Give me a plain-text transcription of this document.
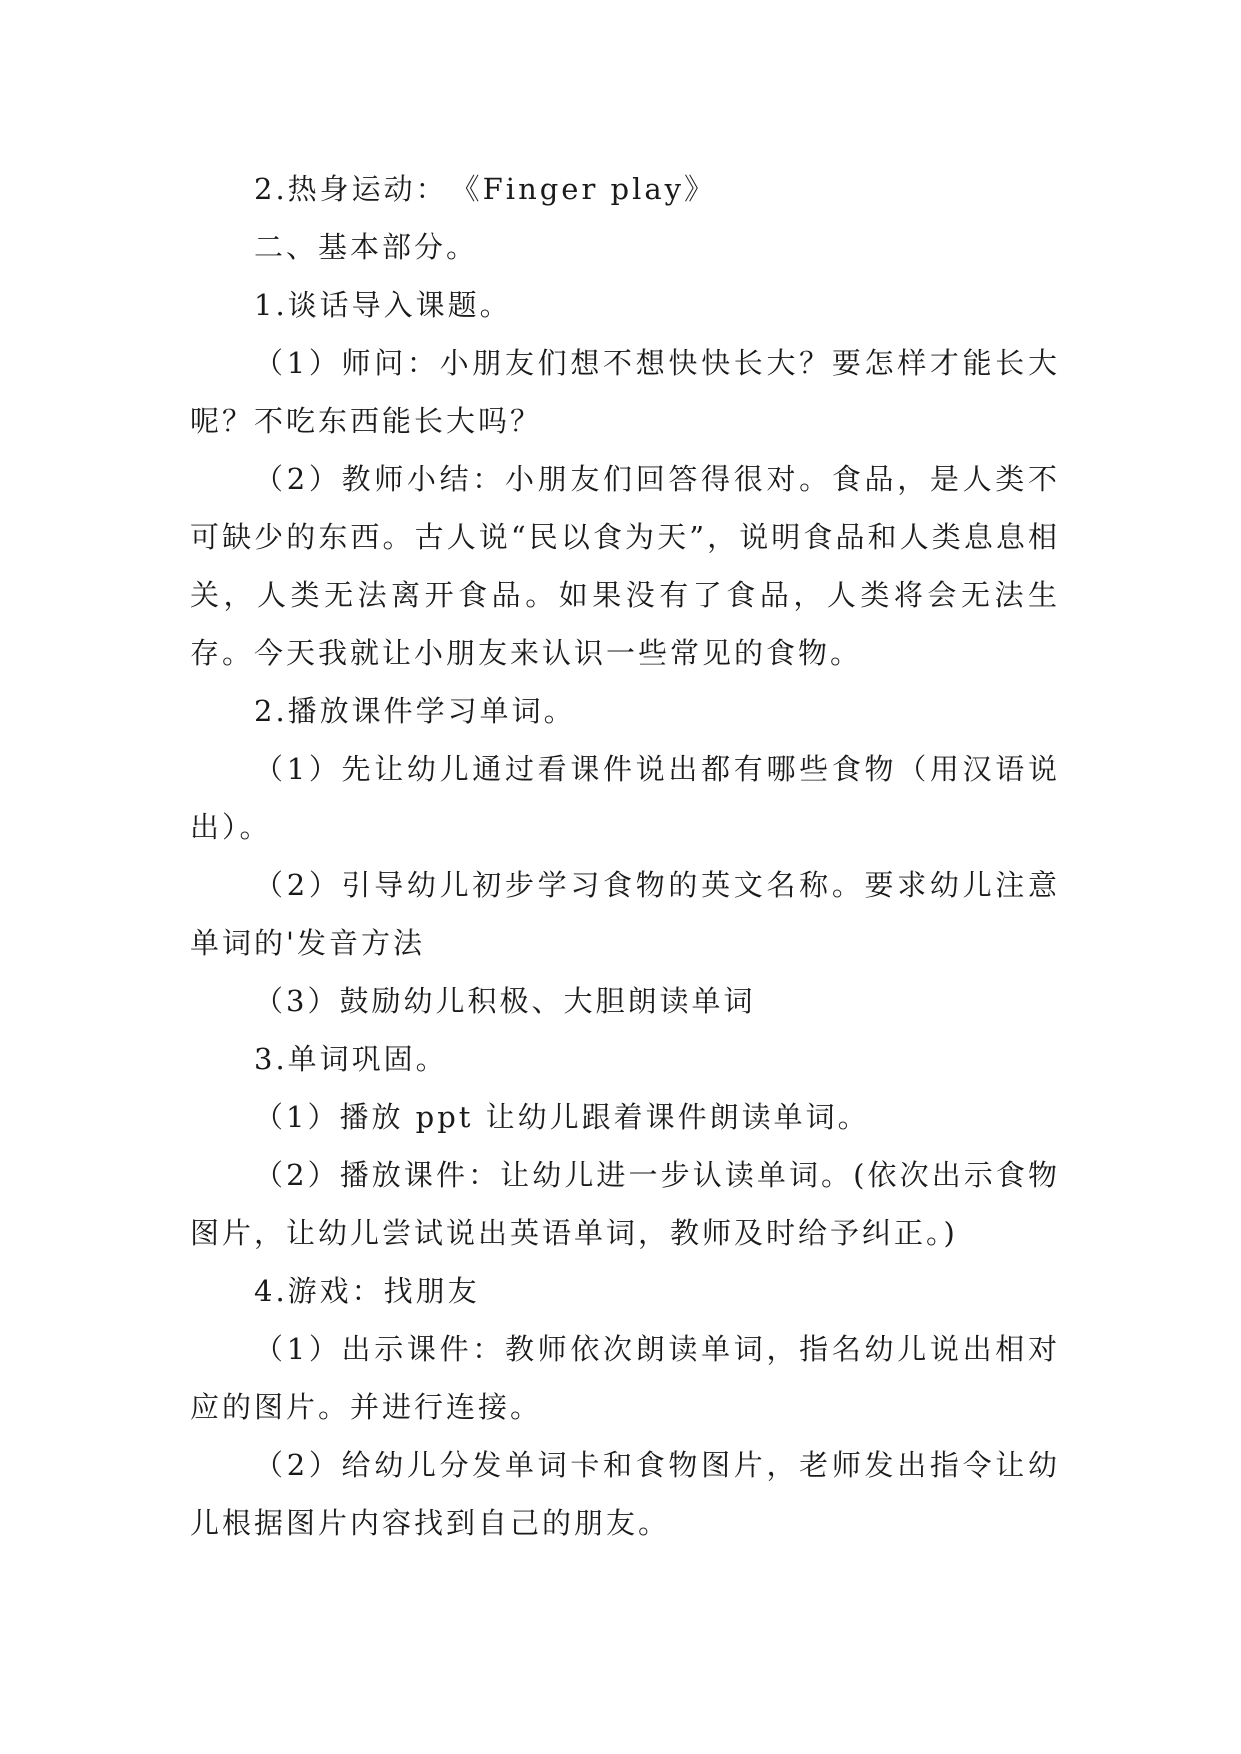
2.热身运动：　《Finger play》

二、基本部分。

1.谈话导入课题。

（1）师问：小朋友们想不想快快长大？要怎样才能长大呢？不吃东西能长大吗？

（2）教师小结：小朋友们回答得很对。食品，是人类不可缺少的东西。古人说“民以食为天”，说明食品和人类息息相关，人类无法离开食品。如果没有了食品，人类将会无法生存。今天我就让小朋友来认识一些常见的食物。

2.播放课件学习单词。

（1）先让幼儿通过看课件说出都有哪些食物（用汉语说出）。

（2）引导幼儿初步学习食物的英文名称。要求幼儿注意单词的'发音方法

（3）鼓励幼儿积极、大胆朗读单词

3.单词巩固。

（1）播放 ppt 让幼儿跟着课件朗读单词。

（2）播放课件：让幼儿进一步认读单词。(依次出示食物图片，让幼儿尝试说出英语单词，教师及时给予纠正。)

4.游戏：找朋友

（1）出示课件：教师依次朗读单词，指名幼儿说出相对应的图片。并进行连接。

（2）给幼儿分发单词卡和食物图片，老师发出指令让幼儿根据图片内容找到自己的朋友。
